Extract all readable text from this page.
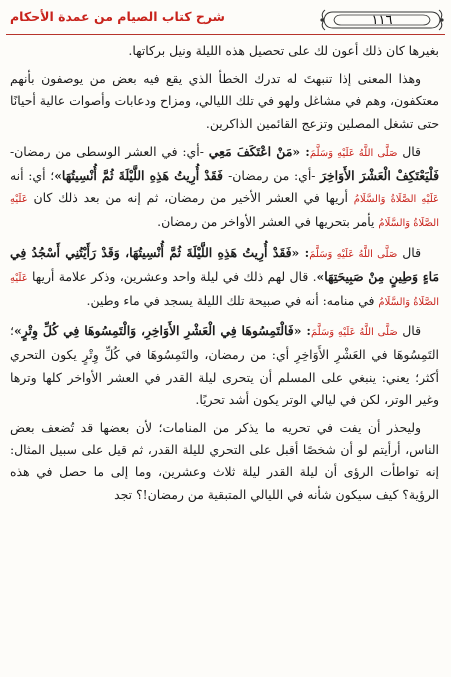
١١٦
شرح كتاب الصيام من عمدة الأحكام

بغيرها كان ذلك أعون لك على تحصيل هذه الليلة ونيل بركاتها.

وهذا المعنى إذا تنبهتَ له تدرك الخطأ الذي يقع فيه بعض من يوصفون بأنهم معتكفون، وهم في مشاغل ولهو في تلك الليالي، ومزاح ودعابات وأصوات عالية أحيانًا حتى تشغل المصلين وتزعج القائمين الذاكرين.

قال صَلَّى اللَّهُ عَلَيْهِ وَسَلَّمَ: «مَنْ اعْتَكَفَ مَعِي -أي: في العشر الوسطى من رمضان- فَلْيَعْتَكِفْ الْعَشْرَ الأَوَاخِرَ -أي: من رمضان- فَقَدْ أُرِيتُ هَذِهِ اللَّيْلَةَ ثُمَّ أُنْسِيتُهَا»؛ أي: أنه عَلَيْهِ الصَّلَاةُ وَالسَّلَامُ أريها في العشر الأخير من رمضان، ثم إنه من بعد ذلك كان عَلَيْهِ الصَّلَاةُ وَالسَّلَامُ يأمر بتحريها في العشر الأواخر من رمضان.

قال صَلَّى اللَّهُ عَلَيْهِ وَسَلَّمَ: «فَقَدْ أُرِيتُ هَذِهِ اللَّيْلَةَ ثُمَّ أُنْسِيتُهَا، وَقَدْ رَأَيْتُنِي أَسْجُدُ فِي مَاءٍ وَطِينٍ مِنْ صَبِيحَتِهَا». قال لهم ذلك في ليلة واحد وعشرين، وذكر علامة أريها عَلَيْهِ الصَّلَاةُ وَالسَّلَامُ في منامه: أنه في صبيحة تلك الليلة يسجد في ماء وطين.

قال صَلَّى اللَّهُ عَلَيْهِ وَسَلَّمَ: «فَالْتَمِسُوهَا فِي الْعَشْرِ الأَوَاخِرِ، وَالْتَمِسُوهَا فِي كُلِّ وِتْرٍ»؛ التَمِسُوهَا في العَشْرِ الأَوَاخِرِ أي: من رمضان، والتَمِسُوهَا في كُلِّ وِتْرٍ يكون التحري أكثر؛ يعني: ينبغي على المسلم أن يتحرى ليلة القدر في العشر الأواخر كلها وترها وغير الوتر، لكن في ليالي الوتر يكون أشد تحريًا.

وليحذر أن يفت في تحريه ما يذكر من المنامات؛ لأن بعضها قد تُضعف بعض الناس، أرأيتم لو أن شخصًا أقبل على التحري لليلة القدر، ثم قيل على سبيل المثال: إنه تواطأت الرؤى أن ليلة القدر ليلة ثلاث وعشرين، وما إلى ما حصل في هذه الرؤية؟ كيف سيكون شأنه في الليالي المتبقية من رمضان!؟ تجد
